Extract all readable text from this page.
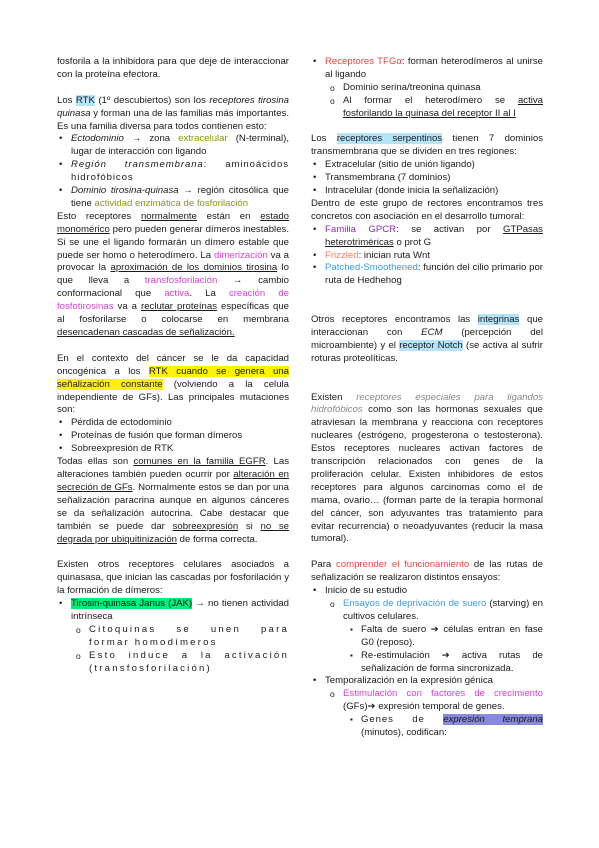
fosforila a la inhibidora para que deje de interaccionar con la proteína efectora.

Los RTK (1º descubiertos) son los receptores tirosina quinasa y forman una de las familias más importantes. Es una familia diversa para todos contienen esto:

• Ectodominio → zona extracelular (N-terminal), lugar de interacción con ligando
• Región transmembrana: aminoácidos hidrofóbicos
• Dominio tirosina-quinasa → región citosólica que tiene actividad enzimática de fosforilación

Esto receptores normalmente están en estado monomérico pero pueden generar dímeros inestables. Si se une el ligando formarán un dímero estable que puede ser homo o heterodímero. La dimerización va a provocar la aproximación de los dominios tirosina lo que lleva a transfosforilación → cambio conformacional que activa. La creación de fosfotirosinas va a reclutar proteínas específicas que al fosforilarse o colocarse en membrana desencadenan cascadas de señalización.

En el contexto del cáncer se le da capacidad oncogénica a los RTK cuando se genera una señalización constante (volviendo a la celula independiente de GFs). Las principales mutaciones son:

• Pérdida de ectodominio
• Proteínas de fusión que forman dímeros
• Sobreexpresión de RTK

Todas ellas son comunes en la familia EGFR. Las alteraciones también pueden ocurrir por alteración en secreción de GFs. Normalmente estos se dan por una señalización paracrina aunque en algunos cánceres se da señalización autocrina. Cabe destacar que también se puede dar sobreexpresión si no se degrada por ubiquitinización de forma correcta.

Existen otros receptores celulares asociados a quinasasa, que inician las cascadas por fosforilación y la formación de dímeros:

• Tirosin-quinasa Janus (JAK) → no tienen actividad intrínseca
o Citoquinas se unen para formar homodímeros
o Esto induce a la activación (transfosforilación)
• Receptores TFGα: forman heterodímeros al unirse al ligando
o Dominio serina/treonina quinasa
o Al formar el heterodímero se activa fosforilando la quinasa del receptor II al I

Los receptores serpentinos tienen 7 dominios transmembrana que se dividen en tres regiones:

• Extracelular (sitio de unión ligando)
• Transmembrana (7 dominios)
• Intracelular (donde inicia la señalización)

Dentro de este grupo de rectores encontramos tres concretos con asociación en el desarrollo tumoral:

• Familia GPCR: se activan por GTPasas heterotriméricas o prot G
• Frizzled: inician ruta Wnt
• Patched-Smoothened: función del cilio primario por ruta de Hedhehog

Otros receptores encontramos las integrinas que interaccionan con ECM (percepción del microambiente) y el receptor Notch (se activa al sufrir roturas proteolíticas.

Existen receptores especiales para ligandos hidrofóbicos como son las hormonas sexuales que atraviesan la membrana y reacciona con receptores nucleares (estrógeno, progesterona o testosterona). Estos receptores nucleares activan factores de transcripción relacionados con genes de la proliferación celular. Existen inhibidores de estos receptores para algunos carcinomas como el de mama, ovario… (forman parte de la terapia hormonal del cáncer, son adyuvantes tras tratamiento para evitar recurrencia) o neoadyuvantes (reducir la masa tumoral).

Para comprender el funcionamiento de las rutas de señalización se realizaron distintos ensayos:

• Inicio de su estudio
o Ensayos de deprivación de suero (starving) en cultivos celulares.
▪ Falta de suero ➔ células entran en fase G0 (reposo).
▪ Re-estimulación ➔ activa rutas de señalización de forma sincronizada.
• Temporalización en la expresión génica
o Estimulación con factores de crecimiento (GFs)➔ expresión temporal de genes.
▪ Genes de expresión temprana (minutos), codifican:
